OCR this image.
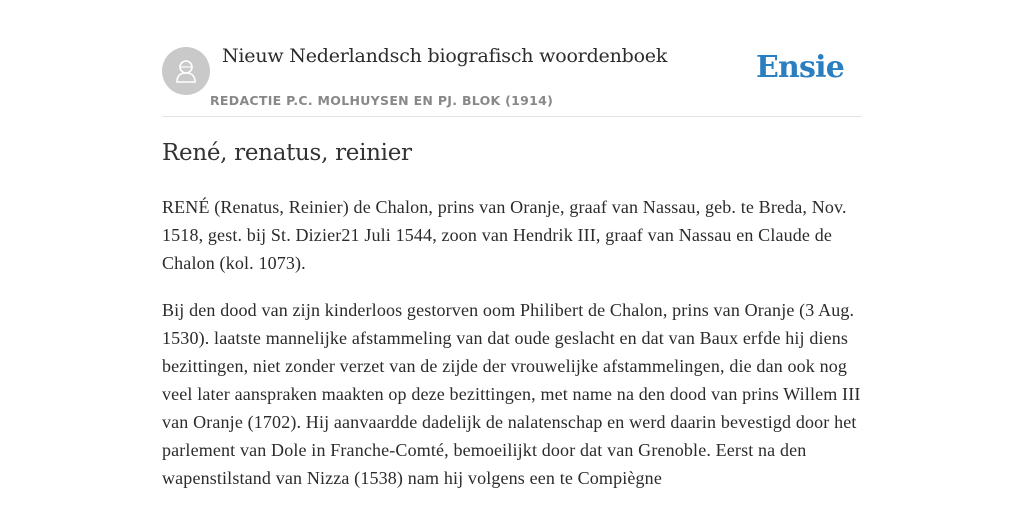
Nieuw Nederlandsch biografisch woordenboek
REDACTIE P.C. MOLHUYSEN EN PJ. BLOK (1914)
Ensie
René, renatus, reinier

RENÉ (Renatus, Reinier) de Chalon, prins van Oranje, graaf van Nassau, geb. te Breda, Nov. 1518, gest. bij St. Dizier21 Juli 1544, zoon van Hendrik III, graaf van Nassau en Claude de Chalon (kol. 1073).

Bij den dood van zijn kinderloos gestorven oom Philibert de Chalon, prins van Oranje (3 Aug. 1530). laatste mannelijke afstammeling van dat oude geslacht en dat van Baux erfde hij diens bezittingen, niet zonder verzet van de zijde der vrouwelijke afstammelingen, die dan ook nog veel later aanspraken maakten op deze bezittingen, met name na den dood van prins Willem III van Oranje (1702). Hij aanvaardde dadelijk de nalatenschap en werd daarin bevestigd door het parlement van Dole in Franche-Comté, bemoeilijkt door dat van Grenoble. Eerst na den wapenstilstand van Nizza (1538) nam hij volgens een te Compiègne
